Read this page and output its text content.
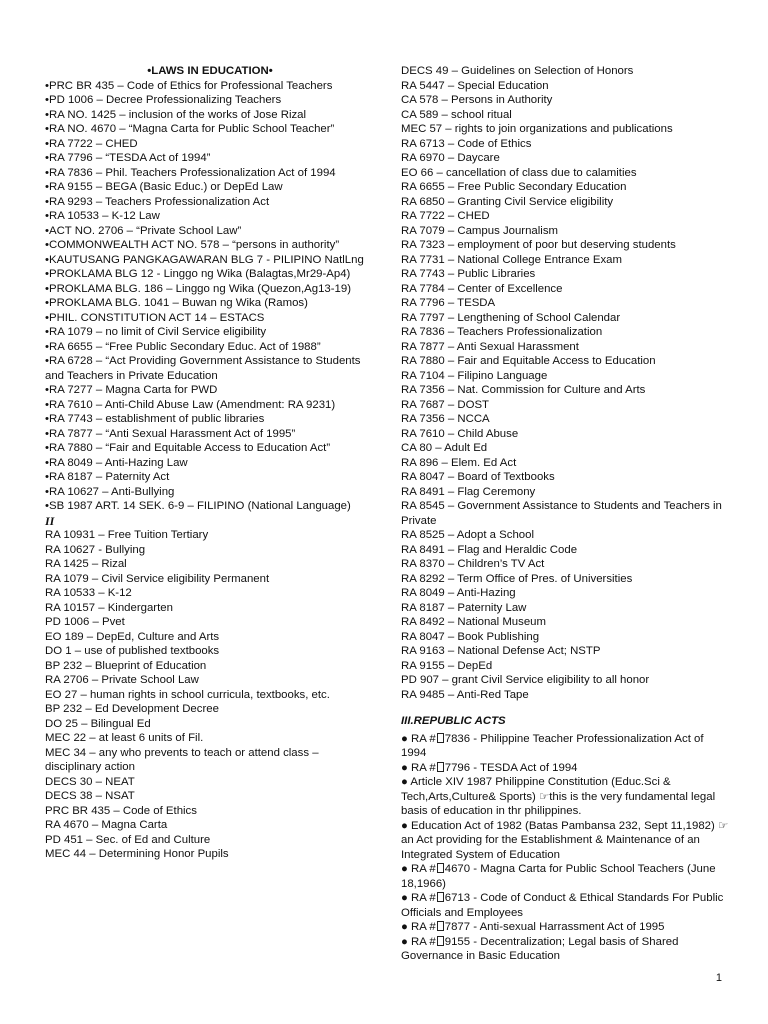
•LAWS IN EDUCATION•
•PRC BR 435 – Code of Ethics for Professional Teachers
•PD 1006 – Decree Professionalizing Teachers
•RA NO. 1425 – inclusion of the works of Jose Rizal
•RA NO. 4670 – “Magna Carta for Public School Teacher”
•RA 7722 – CHED
•RA 7796 – “TESDA Act of 1994”
•RA 7836 – Phil. Teachers Professionalization Act of 1994
•RA 9155 – BEGA (Basic Educ.) or DepEd Law
•RA 9293 – Teachers Professionalization Act
•RA 10533 – K-12 Law
•ACT NO. 2706 – “Private School Law”
•COMMONWEALTH ACT NO. 578 – “persons in authority”
•KAUTUSANG PANGKAGAWARAN BLG 7 - PILIPINO NatlLng
•PROKLAMA BLG 12 - Linggo ng Wika (Balagtas,Mr29-Ap4)
•PROKLAMA BLG. 186 – Linggo ng Wika (Quezon,Ag13-19)
•PROKLAMA BLG. 1041 – Buwan ng Wika (Ramos)
•PHIL. CONSTITUTION ACT 14 – ESTACS
•RA 1079 – no limit of Civil Service eligibility
•RA 6655 – “Free Public Secondary Educ. Act of 1988”
•RA 6728 – “Act Providing Government Assistance to Students and Teachers in Private Education
•RA 7277 – Magna Carta for PWD
•RA 7610 – Anti-Child Abuse Law (Amendment: RA 9231)
•RA 7743 – establishment of public libraries
•RA 7877 – “Anti Sexual Harassment Act of 1995”
•RA 7880 – “Fair and Equitable Access to Education Act”
•RA 8049 – Anti-Hazing Law
•RA 8187 – Paternity Act
•RA 10627 – Anti-Bullying
•SB 1987 ART. 14 SEK. 6-9 – FILIPINO (National Language)
II
RA 10931 – Free Tuition Tertiary
RA 10627 - Bullying
RA 1425 – Rizal
RA 1079 – Civil Service eligibility Permanent
RA 10533 – K-12
RA 10157 – Kindergarten
PD 1006 – Pvet
EO 189 – DepEd, Culture and Arts
DO 1 – use of published textbooks
BP 232 – Blueprint of Education
RA 2706 – Private School Law
EO 27 – human rights in school curricula, textbooks, etc.
BP 232 – Ed Development Decree
DO 25 – Bilingual Ed
MEC 22 – at least 6 units of Fil.
MEC 34 – any who prevents to teach or attend class – disciplinary action
DECS 30 – NEAT
DECS 38 – NSAT
PRC BR 435 – Code of Ethics
RA 4670 – Magna Carta
PD 451 – Sec. of Ed and Culture
MEC 44 – Determining Honor Pupils
DECS 49 – Guidelines on Selection of Honors
RA 5447 – Special Education
CA 578 – Persons in Authority
CA 589 – school ritual
MEC 57 – rights to join organizations and publications
RA 6713 – Code of Ethics
RA 6970 – Daycare
EO 66 – cancellation of class due to calamities
RA 6655 – Free Public Secondary Education
RA 6850 – Granting Civil Service eligibility
RA 7722 – CHED
RA 7079 – Campus Journalism
RA 7323 – employment of poor but deserving students
RA 7731 – National College Entrance Exam
RA 7743 – Public Libraries
RA 7784 – Center of Excellence
RA 7796 – TESDA
RA 7797 – Lengthening of School Calendar
RA 7836 – Teachers Professionalization
RA 7877 – Anti Sexual Harassment
RA 7880 – Fair and Equitable Access to Education
RA 7104 – Filipino Language
RA 7356 – Nat. Commission for Culture and Arts
RA 7687 – DOST
RA 7356 – NCCA
RA 7610 – Child Abuse
CA 80 – Adult Ed
RA 896 – Elem. Ed Act
RA 8047 – Board of Textbooks
RA 8491 – Flag Ceremony
RA 8545 – Government Assistance to Students and Teachers in Private
RA 8525 – Adopt a School
RA 8491 – Flag and Heraldic Code
RA 8370 – Children’s TV Act
RA 8292 – Term Office of Pres. of Universities
RA 8049 – Anti-Hazing
RA 8187 – Paternity Law
RA 8492 – National Museum
RA 8047 – Book Publishing
RA 9163 – National Defense Act; NSTP
RA 9155 – DepEd
PD 907 – grant Civil Service eligibility to all honor
RA 9485 – Anti-Red Tape
III.REPUBLIC ACTS
● RA # 7836 - Philippine Teacher Professionalization Act of 1994
● RA # 7796 - TESDA Act of 1994
● Article XIV 1987 Philippine Constitution (Educ.Sci & Tech,Arts,Culture& Sports) ☞this is the very fundamental legal basis of education in thr philippines.
● Education Act of 1982 (Batas Pambansa 232, Sept 11,1982) ☞an Act providing for the Establishment & Maintenance of an Integrated System of Education
● RA # 4670 - Magna Carta for Public School Teachers (June 18,1966)
● RA # 6713 - Code of Conduct & Ethical Standards For Public Officials and Employees
● RA # 7877 - Anti-sexual Harrassment Act of 1995
● RA # 9155 - Decentralization; Legal basis of Shared Governance in Basic Education
1
